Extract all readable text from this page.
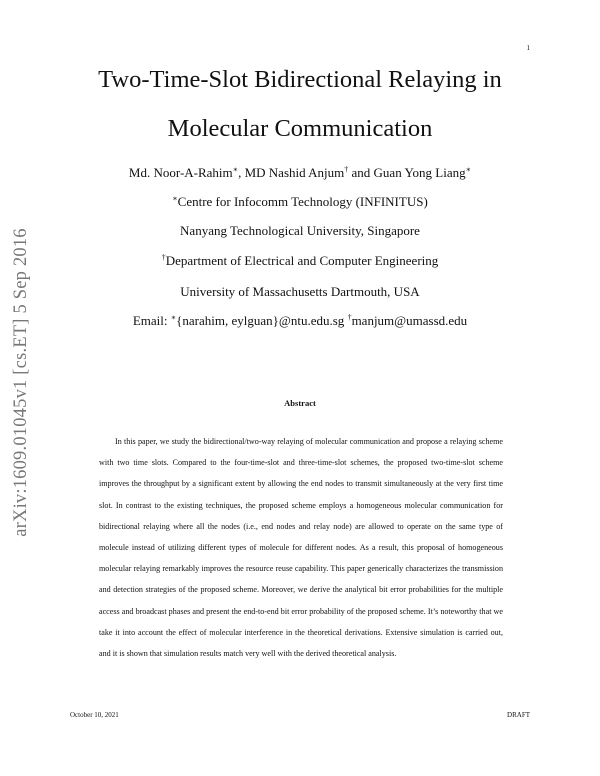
1
arXiv:1609.01045v1 [cs.ET] 5 Sep 2016
Two-Time-Slot Bidirectional Relaying in
Molecular Communication
Md. Noor-A-Rahim∗, MD Nashid Anjum† and Guan Yong Liang∗
∗Centre for Infocomm Technology (INFINITUS)
Nanyang Technological University, Singapore
†Department of Electrical and Computer Engineering
University of Massachusetts Dartmouth, USA
Email: ∗{narahim, eylguan}@ntu.edu.sg †manjum@umassd.edu
Abstract

In this paper, we study the bidirectional/two-way relaying of molecular communication and propose a relaying scheme with two time slots. Compared to the four-time-slot and three-time-slot schemes, the proposed two-time-slot scheme improves the throughput by a significant extent by allowing the end nodes to transmit simultaneously at the very first time slot. In contrast to the existing techniques, the proposed scheme employs a homogeneous molecular communication for bidirectional relaying where all the nodes (i.e., end nodes and relay node) are allowed to operate on the same type of molecule instead of utilizing different types of molecule for different nodes. As a result, this proposal of homogeneous molecular relaying remarkably improves the resource reuse capability. This paper generically characterizes the transmission and detection strategies of the proposed scheme. Moreover, we derive the analytical bit error probabilities for the multiple access and broadcast phases and present the end-to-end bit error probability of the proposed scheme. It’s noteworthy that we take it into account the effect of molecular interference in the theoretical derivations. Extensive simulation is carried out, and it is shown that simulation results match very well with the derived theoretical analysis.

October 10, 2021	DRAFT
